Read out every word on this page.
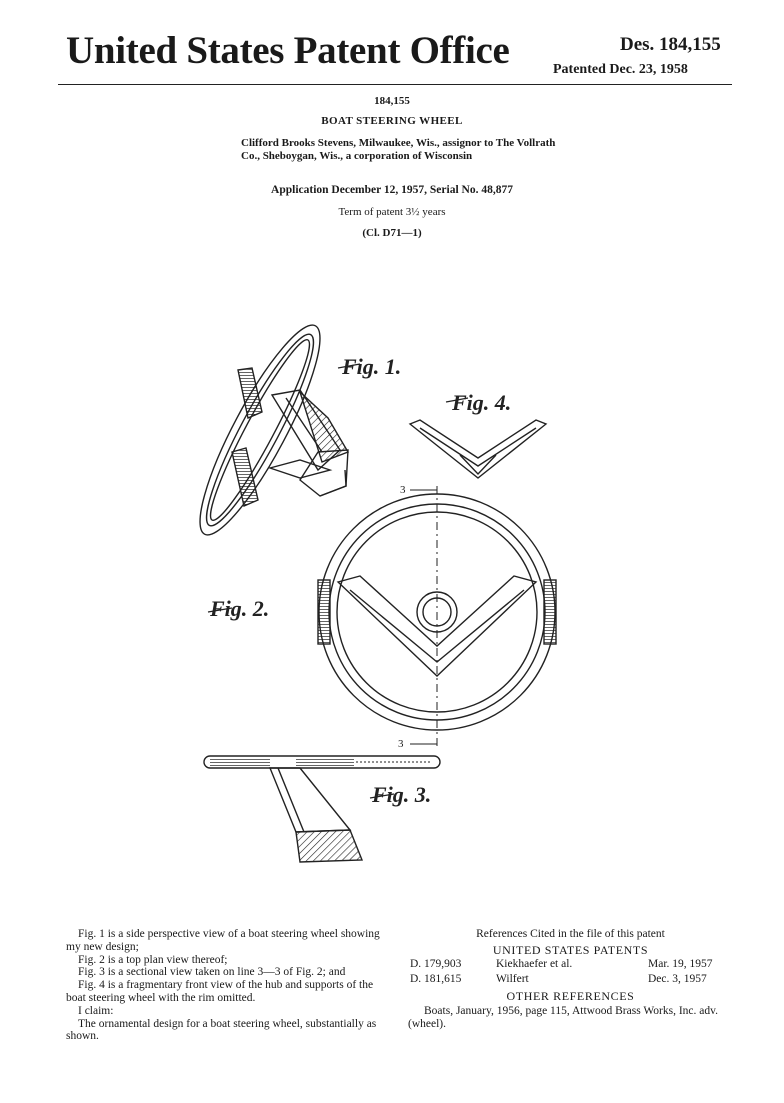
United States Patent Office	Des. 184,155
Patented Dec. 23, 1958
184,155
BOAT STEERING WHEEL
Clifford Brooks Stevens, Milwaukee, Wis., assignor to The Vollrath Co., Sheboygan, Wis., a corporation of Wisconsin
Application December 12, 1957, Serial No. 48,877
Term of patent 3½ years
(Cl. D71—1)
Fig. 1.
Fig. 4.
3
3
Fig. 2.
Fig. 3.

Fig. 1 is a side perspective view of a boat steering wheel showing my new design;

Fig. 2 is a top plan view thereof;

Fig. 3 is a sectional view taken on line 3—3 of Fig. 2; and

Fig. 4 is a fragmentary front view of the hub and supports of the boat steering wheel with the rim omitted.

I claim:

The ornamental design for a boat steering wheel, substantially as shown.

References Cited in the file of this patent
UNITED STATES PATENTS
D. 179,903	Kiekhaefer et al.	Mar. 19, 1957
D. 181,615	Wilfert	Dec. 3, 1957
OTHER REFERENCES

Boats, January, 1956, page 115, Attwood Brass Works, Inc. adv. (wheel).
